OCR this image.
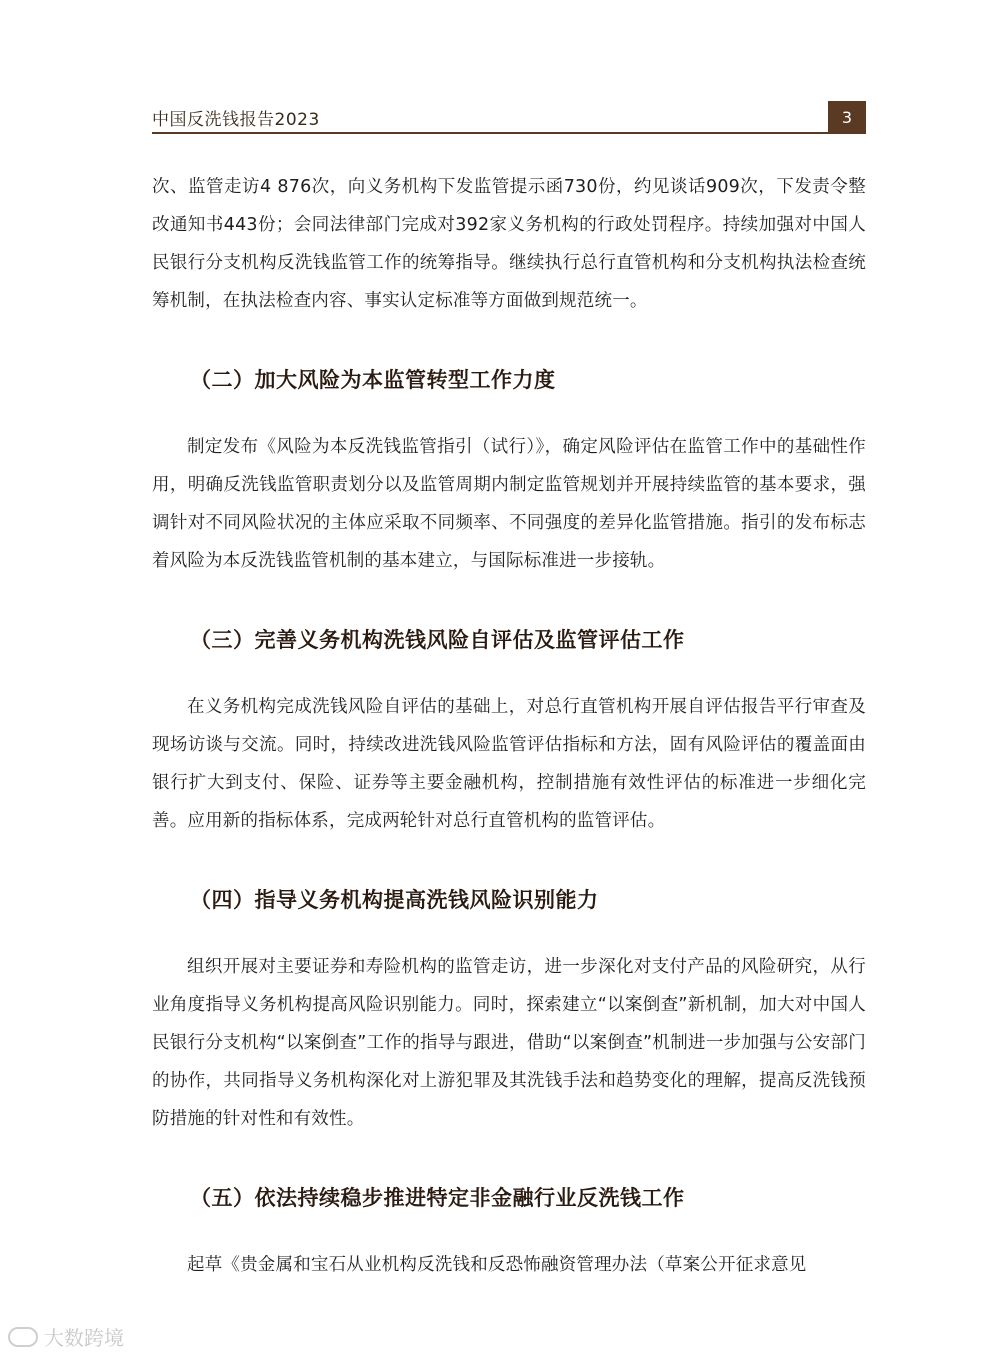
中国反洗钱报告2023	3

次、监管走访4 876次，向义务机构下发监管提示函730份，约见谈话909次，下发责令整改通知书443份；会同法律部门完成对392家义务机构的行政处罚程序。持续加强对中国人民银行分支机构反洗钱监管工作的统筹指导。继续执行总行直管机构和分支机构执法检查统筹机制，在执法检查内容、事实认定标准等方面做到规范统一。

（二）加大风险为本监管转型工作力度

制定发布《风险为本反洗钱监管指引（试行）》，确定风险评估在监管工作中的基础性作用，明确反洗钱监管职责划分以及监管周期内制定监管规划并开展持续监管的基本要求，强调针对不同风险状况的主体应采取不同频率、不同强度的差异化监管措施。指引的发布标志着风险为本反洗钱监管机制的基本建立，与国际标准进一步接轨。

（三）完善义务机构洗钱风险自评估及监管评估工作

在义务机构完成洗钱风险自评估的基础上，对总行直管机构开展自评估报告平行审查及现场访谈与交流。同时，持续改进洗钱风险监管评估指标和方法，固有风险评估的覆盖面由银行扩大到支付、保险、证券等主要金融机构，控制措施有效性评估的标准进一步细化完善。应用新的指标体系，完成两轮针对总行直管机构的监管评估。

（四）指导义务机构提高洗钱风险识别能力

组织开展对主要证券和寿险机构的监管走访，进一步深化对支付产品的风险研究，从行业角度指导义务机构提高风险识别能力。同时，探索建立“以案倒查”新机制，加大对中国人民银行分支机构“以案倒查”工作的指导与跟进，借助“以案倒查”机制进一步加强与公安部门的协作，共同指导义务机构深化对上游犯罪及其洗钱手法和趋势变化的理解，提高反洗钱预防措施的针对性和有效性。

（五）依法持续稳步推进特定非金融行业反洗钱工作

起草《贵金属和宝石从业机构反洗钱和反恐怖融资管理办法（草案公开征求意见

大数跨境
